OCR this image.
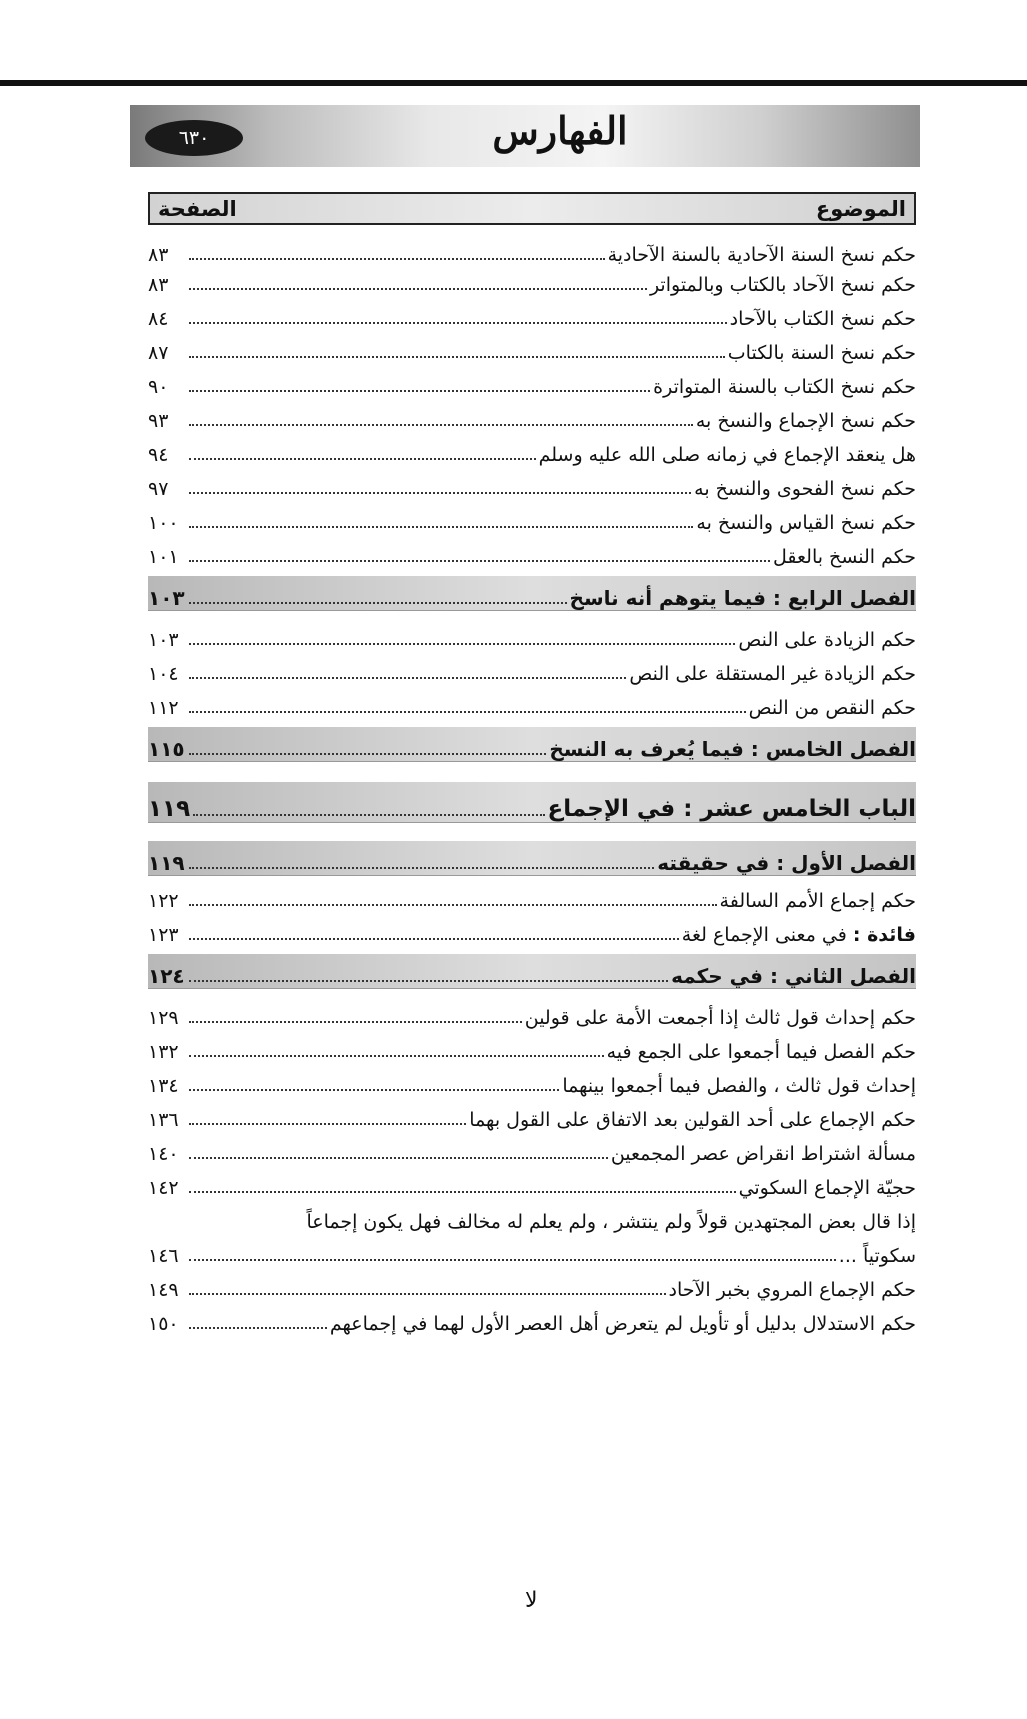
٦٣٠	الفهارس
الموضوع
الصفحة
حكم نسخ السنة الآحادية بالسنة الآحادية
٨٣
حكم نسخ الآحاد بالكتاب وبالمتواتر
٨٣
حكم نسخ الكتاب بالآحاد
٨٤
حكم نسخ السنة بالكتاب
٨٧
حكم نسخ الكتاب بالسنة المتواترة
٩٠
حكم نسخ الإجماع والنسخ به
٩٣
هل ينعقد الإجماع في زمانه صلى الله عليه وسلم
٩٤
حكم نسخ الفحوى والنسخ به
٩٧
حكم نسخ القياس والنسخ به
١٠٠
حكم النسخ بالعقل
١٠١
الفصل الرابع : فيما يتوهم أنه ناسخ
١٠٣
حكم الزيادة على النص
١٠٣
حكم الزيادة غير المستقلة على النص
١٠٤
حكم النقص من النص
١١٢
الفصل الخامس : فيما يُعرف به النسخ
١١٥
الباب الخامس عشر : في الإجماع
١١٩
الفصل الأول : في حقيقته
١١٩
حكم إجماع الأمم السالفة
١٢٢
فائدة : في معنى الإجماع لغة
١٢٣
الفصل الثاني : في حكمه
١٢٤
حكم إحداث قول ثالث إذا أجمعت الأمة على قولين
١٢٩
حكم الفصل فيما أجمعوا على الجمع فيه
١٣٢
إحداث قول ثالث ، والفصل فيما أجمعوا بينهما
١٣٤
حكم الإجماع على أحد القولين بعد الاتفاق على القول بهما
١٣٦
مسألة اشتراط انقراض عصر المجمعين
١٤٠
حجيّة الإجماع السكوتي
١٤٢
إذا قال بعض المجتهدين قولاً ولم ينتشر ، ولم يعلم له مخالف فهل يكون إجماعاً
سكوتياً ...
١٤٦
حكم الإجماع المروي بخبر الآحاد
١٤٩
حكم الاستدلال بدليل أو تأويل لم يتعرض أهل العصر الأول لهما في إجماعهم
١٥٠
ﻻ
